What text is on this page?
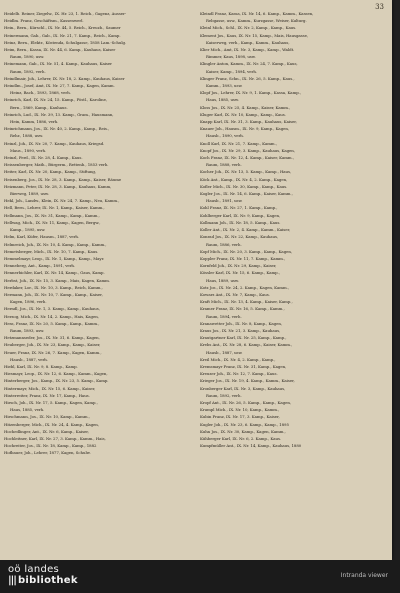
33
Heidelb. Reiner, Ziegelw., IX. Hr. 23, 1. Reich., Gagenz, Ausser-
Heidlm. Franz, Geschäftsm., Kassenwerl.
Hein., Bern., Kürschl., IX. Nr. 44, 5. Reich., Kreuzb., Saumer
Heinermann, Gab., Gab., IX. Nr. 21, 7. Kamp., Reich., Kamp.
Heinz, Bern., Elektr., Köstenda, Schulgasse, 1858 Lam.-Schulg.
Heim, Bern., Kassa, IX. Nr. 44, 6. Kamp., Kauhaus, Kaiser
Raum, 1890, usw.
Heinemann, Gab., IX. Nr. 51, 4. Kamp., Kauhaus, Kaiser
Raum, 1892, verh.
Heindlmair, Joh., Lehrer, IX. Nr. 18, 2. Kamp., Kauhaus, Kaiser
Heindlm., Josef, Amt, IX. Nr. 27, 7. Kamp., Kagen, Kamm.
Heinz, Bach., 1893, 1868, verh.
Heinrich, Karl, IX. Nr. 24, 15. Kamp., Pöstl., Karoline,
Bern., 1869, Kamp., Kauhaus.
Heinrich, Lud., IX. Nr. 39, 13. Kamp., Gram., Hausmann,
Hein, Kamm, 1886, verh.
Heinrichmann, Jos., IX. Nr. 40, 2. Kamp., Kamp., Reis.,
Rehr., 1888, usw.
Heinzl, Joh., IX. Nr. 20, 7. Kamp., Kauhaus, Kriegsd.
Maus., 1890, verh.
Heinzl, Ferd., IX. Nr. 28, 4. Kamp., Kaus.
Heissenberger, Math., Bürgerm., Rettenb., 1853 verh.
Heiter, Karl, IX. Nr. 20, Kamp., Kamp., Stiftung,
Heisenberg, Jos., IX. Nr. 28, 3. Kamp., Kamp., Kaiser, Räume
Heizmann, Peter, IX. Nr. 28, 3. Kamp., Kauhaus, Kamm,
Bierweg, 1889, usw.
Hekl, Joh., Landw., Klein, IX. Nr. 24, 7. Kamp., Neu, Kamm.,
Hell, Bern., Lehrer, IX. Nr. 1, Kamp., Kaiser, Kamm.,
Hellmann, Jos., IX. Nr. 31, Kamp., Kamp., Kamm.,
Hellwag, Mich., IX. Nr. 11, Kamp., Kagen, Bergw.,
Kamp., 1895, usw.
Helm, Karl, Küfer, Hausm., 1887, verh.
Helmreich, Joh., IX. Nr. 10, 4. Kamp., Kamp., Kamm.,
Hemetsberger, Mich., IX. Nr. 10, 7. Kamp., Kaus.
Hemmelmayr, Leop., IX. Nr. 1, Kamp., Kamp., Mayr.
Henneberg, Ant., Kamp., 1891, verh.
Hennerbichler, Karl, IX. Nr. 14, Kamp., Gaus, Kamp.
Herbst, Joh., IX. Nr. 15, 3. Kamp., Mais, Kagen, Kamm.
Herdaker, Lor., IX. Nr. 10, 3. Kamp., Reich, Kamm.,
Hermann, Joh., IX. Nr. 10, 7. Kamp., Kamp., Kaiser,
Kagen, 1896, verh.
Herndl, Jos., IX. Nr. 1, 3. Kamp., Kamp., Kauhaus,
Herzog, Mich., IX. Nr. 14, 2. Kamp., Hais, Kagen,
Hess, Franz, IX. Nr. 20, 5. Kamp., Kamp., Kamm.,
Raum, 1893, usw.
Hetzmannseder, Jos., IX. Nr. 31, 6. Kamp., Kagen,
Heuberger, Joh., IX. Nr. 23, Kamp., Kamp., Kaiser,
Heuer, Franz, IX. Nr. 26, 7. Kamp., Kagen, Kamm.,
Hausb., 1887, verh.
Hiebl, Karl, IX. Nr. 9, 8. Kamp., Kamp.
Hiesmayr, Leop., IX. Nr. 12, 6. Kamp., Kamm., Kagen,
Hinterberger, Jos., Kamp., IX. Nr. 23, 5. Kamp., Kamp.
Hintermayr, Mich., IX. Nr. 15, 6. Kamp., Kaiser,
Hinterreiter, Franz, IX. Nr. 17, Kamp., Haus.
Hirsch, Joh., IX. Nr. 17, 5. Kamp., Kagen, Kamp.,
Haus, 1885, verh.
Hirschmann, Jos., IX. Nr. 10, Kamp., Kamm.,
Hitzenberger, Mich., IX. Nr. 24, 4. Kamp., Kagen,
Hochedlinger, Ant., IX. Nr. 6, Kamp., Kaiser,
Hochleitner, Karl, IX. Nr. 27, 3. Kamp., Kamm., Hais,
Hochreiter, Jos., IX. Nr. 18, Kamp., Kamp., 1882
Hofbauer, Joh., Lehrer, 1877, Kagen, Schulw.
Kleindl Franz, Kassa, IX. Nr. 14, 6. Kamp., Kamm., Kassen,
Rebgasse, usw., Kamm., Kurzgasse, Weiser, Kulturg.
Kleinl Mich., Schl., IX. Nr. 2, Kamp., Kamp., Kaus.
Klement Jos., Kaus, IX. Nr. 15, Kamp., Mais, Hausgasse,
Kaiserweg, verh., Kamp., Kamm., Kauhaus,
Klier Mich., Amt, IX. Nr. 3, Kamp., Kamp., Waldt.
Rimmer, Kaus, 1898, usw.
Klingler Anton, Kamm., IX. Nr. 24, 7. Kamp., Kaus,
Kaiser, Kamp., 1894, verh.
Klinger Franz, Schn., IX. Nr. 26, 5. Kamp., Kaus.,
Kamm., 1893, usw.
Klopf Jos., Lehrer, IX. Nr. 9, 1. Kamp., Kassa, Kamp.,
Haus, 1885, usw.
Kloss Jos., IX. Nr. 25, 4. Kamp., Kaiser, Kamm.,
Kluger Karl, IX. Nr. 10, Kamp., Kamp., Kaus.
Knapp Karl, IX. Nr. 31, 3. Kamp., Kauhaus, Kaiser,
Knauer Joh., Hausm., IX. Nr. 9, Kamp., Kagen,
Hausb., 1890, verh.
Knoll Karl, IX. Nr. 21, 7. Kamp., Kamm.,
Knopf Jos., IX. Nr. 29, 3. Kamp., Kauhaus, Kagen,
Koch Franz, IX. Nr. 12, 4. Kamp., Kaiser, Kamm.,
Raum, 1888, verh.
Kocher Joh., IX. Nr. 13, 5. Kamp., Kamp., Haus,
Köck Ant., Kamp., IX. Nr. 4, 2. Kamp., Kagen,
Kofler Mich., IX. Nr. 30, Kamp., Kamp., Kaus.
Kogler Jos., IX. Nr. 14, 6. Kamp., Kaiser, Kamm.,
Hausb., 1891, usw.
Kohl Franz, IX. Nr. 27, 1. Kamp., Kamp.,
Kohlberger Karl, IX. Nr. 9, Kamp., Kagen,
Kollmann Joh., IX. Nr. 18, 5. Kamp., Kaus.
Koller Ant., IX. Nr. 2, 4. Kamp., Kamm., Kaiser,
Konrad Jos., IX. Nr. 22, Kamp., Kauhaus,
Raum, 1886, verh.
Kopf Mich., IX. Nr. 20, 3. Kamp., Kamp., Kagen,
Koppler Franz, IX. Nr. 11, 7. Kamp., Kamm.,
Kornfeld Joh., IX. Nr. 29, Kamp., Kaiser,
Kössler Karl, IX. Nr. 15, 6. Kamp., Kamp.,
Haus, 1889, usw.
Kotz Jos., IX. Nr. 24, 2. Kamp., Kagen, Kamm.,
Kowarz Ant., IX. Nr. 7, Kamp., Kaus.
Kraft Mich., IX. Nr. 13, 4. Kamp., Kaiser, Kamp.,
Kramer Franz, IX. Nr. 16, 5. Kamp., Kamm.,
Raum, 1894, verh.
Kranawetter Joh., IX. Nr. 8, Kamp., Kagen,
Kraus Jos., IX. Nr. 21, 3. Kamp., Kauhaus,
Krautgartner Karl, IX. Nr. 25, Kamp., Kamp.,
Krebs Ant., IX. Nr. 28, 6. Kamp., Kaiser, Kamm.,
Hausb., 1887, usw.
Kreil Mich., IX. Nr. 4, 2. Kamp., Kamp.,
Kremsmayr Franz, IX. Nr. 31, Kamp., Kagen,
Kreuzer Joh., IX. Nr. 12, 7. Kamp., Kaus.
Krieger Jos., IX. Nr. 19, 4. Kamp., Kamm., Kaiser,
Kronberger Karl, IX. Nr. 3, Kamp., Kauhaus,
Raum, 1892, verh.
Kropf Ant., IX. Nr. 26, 5. Kamp., Kamp., Kagen,
Krumpl Mich., IX. Nr. 10, Kamp., Kamm.,
Kubin Franz, IX. Nr. 17, 3. Kamp., Kaiser,
Kugler Joh., IX. Nr. 23, 6. Kamp., Kamp., 1895
Kuhn Jos., IX. Nr. 30, Kamp., Kagen, Kamm.,
Kühberger Karl, IX. Nr. 6, 2. Kamp., Kaus.
Kumpfmüller Ant., IX. Nr. 14, Kamp., Kauhaus, 1880
oö landes
||| bibliothek	Intranda viewer
